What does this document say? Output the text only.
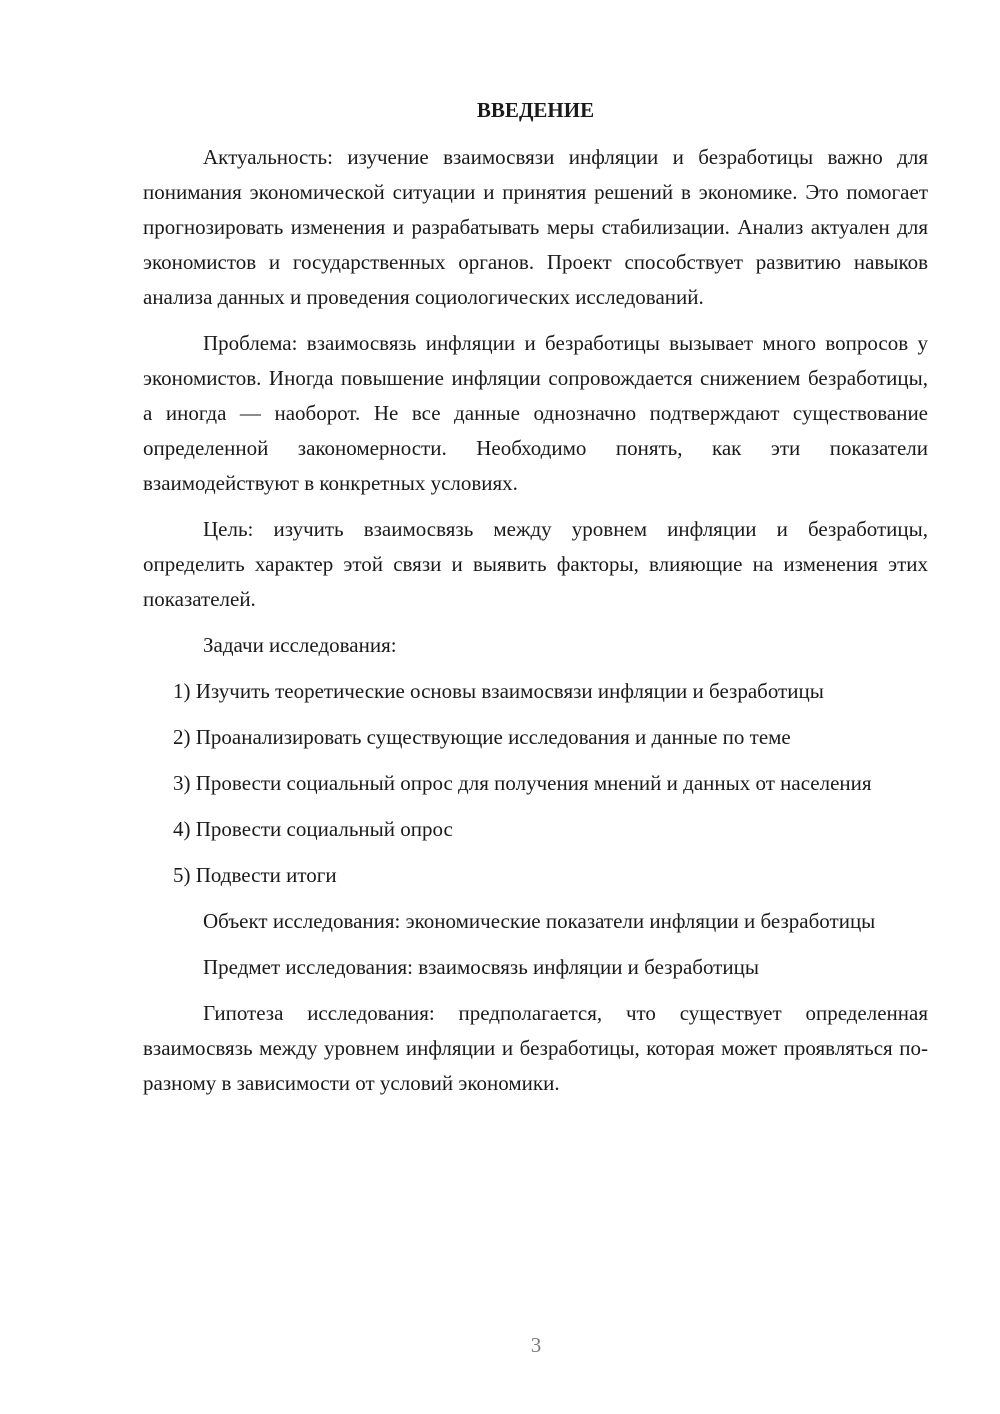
ВВЕДЕНИЕ

Актуальность: изучение взаимосвязи инфляции и безработицы важно для понимания экономической ситуации и принятия решений в экономике. Это помогает прогнозировать изменения и разрабатывать меры стабилизации. Анализ актуален для экономистов и государственных органов. Проект способствует развитию навыков анализа данных и проведения социологических исследований.

Проблема: взаимосвязь инфляции и безработицы вызывает много вопросов у экономистов. Иногда повышение инфляции сопровождается снижением безработицы, а иногда — наоборот. Не все данные однозначно подтверждают существование определенной закономерности. Необходимо понять, как эти показатели взаимодействуют в конкретных условиях.

Цель: изучить взаимосвязь между уровнем инфляции и безработицы, определить характер этой связи и выявить факторы, влияющие на изменения этих показателей.

Задачи исследования:

1) Изучить теоретические основы взаимосвязи инфляции и безработицы

2) Проанализировать существующие исследования и данные по теме

3) Провести социальный опрос для получения мнений и данных от населения

4) Провести социальный опрос

5) Подвести итоги

Объект исследования: экономические показатели инфляции и безработицы

Предмет исследования: взаимосвязь инфляции и безработицы

Гипотеза исследования: предполагается, что существует определенная взаимосвязь между уровнем инфляции и безработицы, которая может проявляться по-разному в зависимости от условий экономики.

3
